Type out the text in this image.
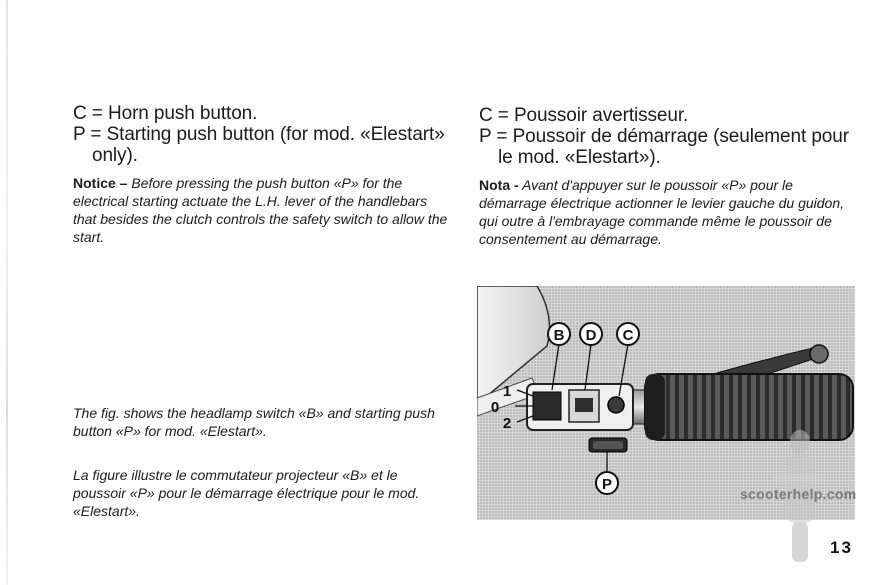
C = Horn push button.

P = Starting push button (for mod. «Elestart» only).

Notice – Before pressing the push button «P» for the electrical starting actuate the L.H. lever of the handlebars that besides the clutch controls the safety switch to allow the start.

C = Poussoir avertisseur.

P = Poussoir de démarrage (seulement pour le mod. «Elestart»).

Nota - Avant d'appuyer sur le poussoir «P» pour le démarrage électrique actionner le levier gauche du guidon, qui outre à l'embrayage commande même le poussoir de consentement au démarrage.
The fig. shows the headlamp switch «B» and starting push button «P» for mod. «Elestart».
La figure illustre le commutateur projecteur «B» et le poussoir «P» pour le démarrage électrique pour le mod. «Elestart».
B D C
P
1
0
2
scooterhelp.com
13
